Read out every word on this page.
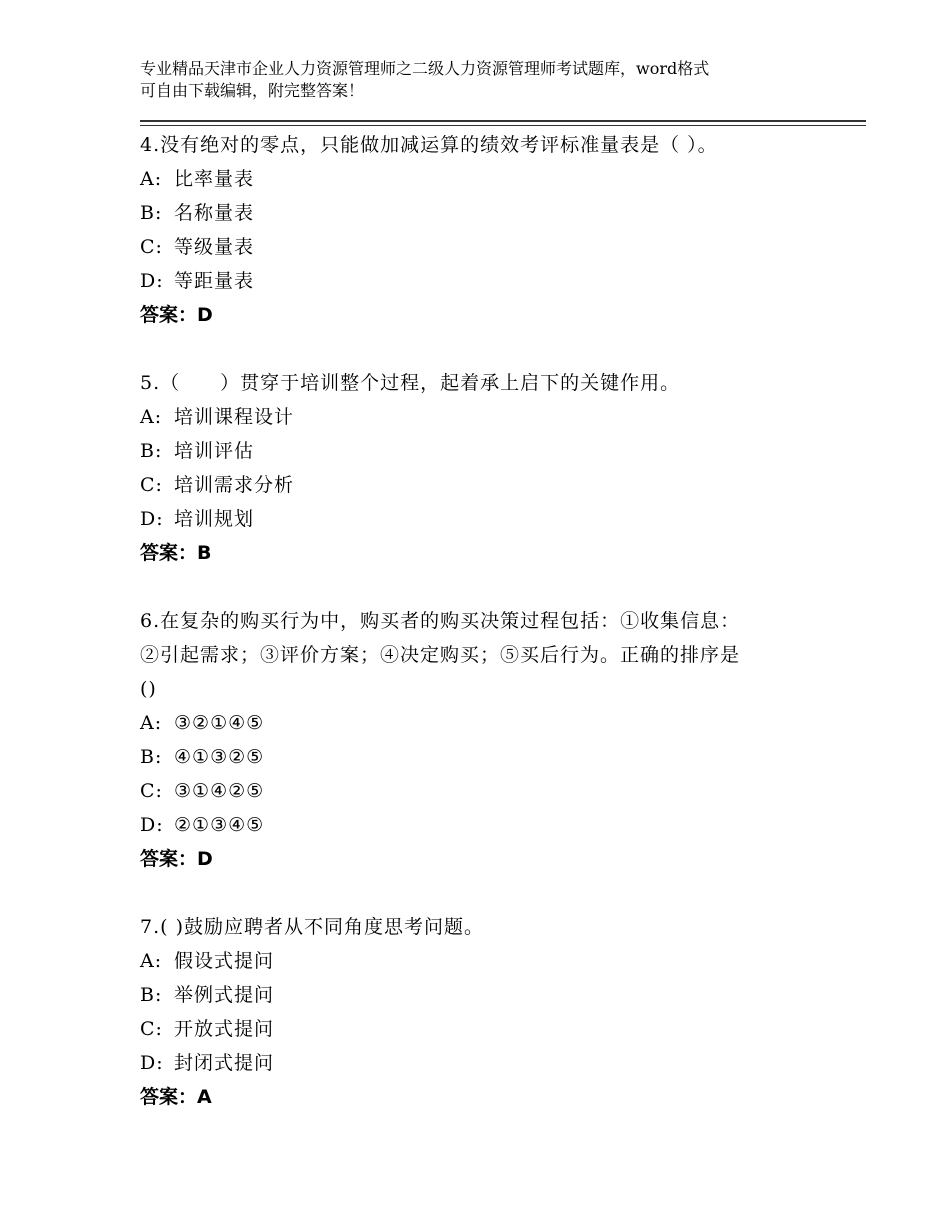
专业精品天津市企业人力资源管理师之二级人力资源管理师考试题库，word格式
可自由下载编辑，附完整答案！
4.没有绝对的零点，只能做加减运算的绩效考评标准量表是（ ）。
A: 比率量表
B: 名称量表
C: 等级量表
D: 等距量表
答案：D
5.（　　）贯穿于培训整个过程，起着承上启下的关键作用。
A: 培训课程设计
B: 培训评估
C: 培训需求分析
D: 培训规划
答案：B
6.在复杂的购买行为中，购买者的购买决策过程包括：①收集信息：
②引起需求；③评价方案；④决定购买；⑤买后行为。正确的排序是
()
A: ③②①④⑤
B: ④①③②⑤
C: ③①④②⑤
D: ②①③④⑤
答案：D
7.( )鼓励应聘者从不同角度思考问题。
A: 假设式提问
B: 举例式提问
C: 开放式提问
D: 封闭式提问
答案：A
